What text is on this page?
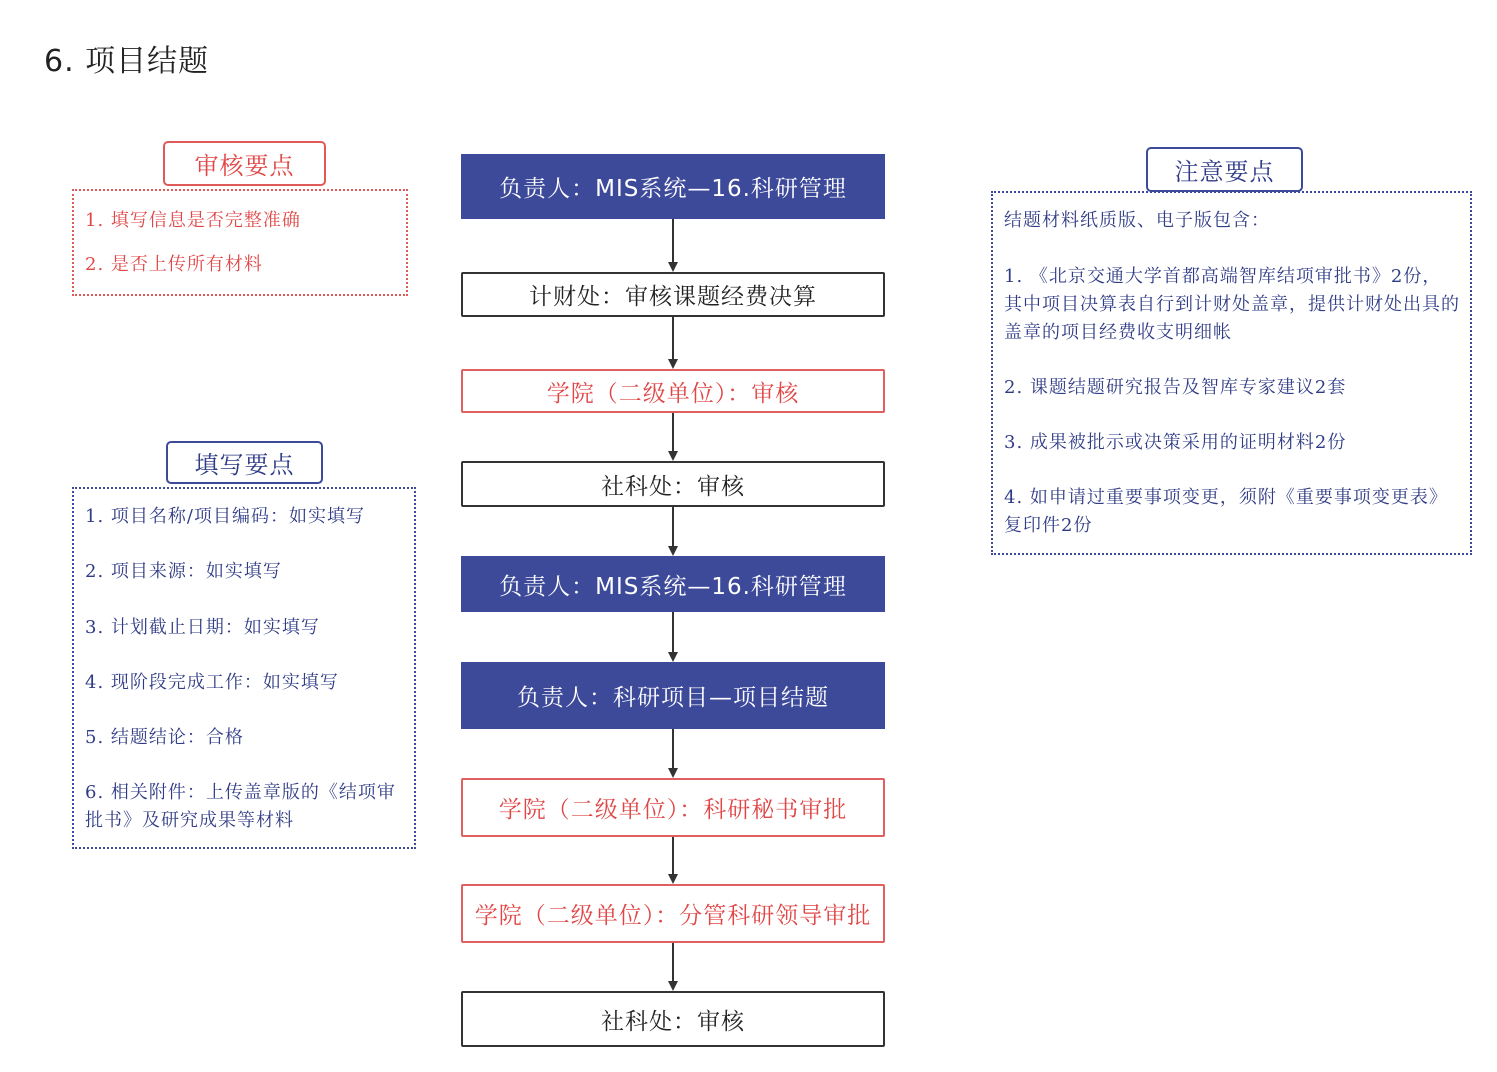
6. 项目结题
负责人：MIS系统—16.科研管理
计财处：审核课题经费决算
学院（二级单位）：审核
社科处：审核
负责人：MIS系统—16.科研管理
负责人：科研项目—项目结题
学院（二级单位）：科研秘书审批
学院（二级单位）：分管科研领导审批
社科处：审核
1. 填写信息是否完整准确
2. 是否上传所有材料
审核要点
1. 项目名称/项目编码：如实填写
2. 项目来源：如实填写
3. 计划截止日期：如实填写
4. 现阶段完成工作：如实填写
5. 结题结论：合格
6. 相关附件：上传盖章版的《结项审批书》及研究成果等材料
填写要点
结题材料纸质版、电子版包含：
1. 《北京交通大学首都高端智库结项审批书》2份，其中项目决算表自行到计财处盖章，提供计财处出具的盖章的项目经费收支明细帐
2. 课题结题研究报告及智库专家建议2套
3. 成果被批示或决策采用的证明材料2份
4. 如申请过重要事项变更，须附《重要事项变更表》复印件2份
注意要点
